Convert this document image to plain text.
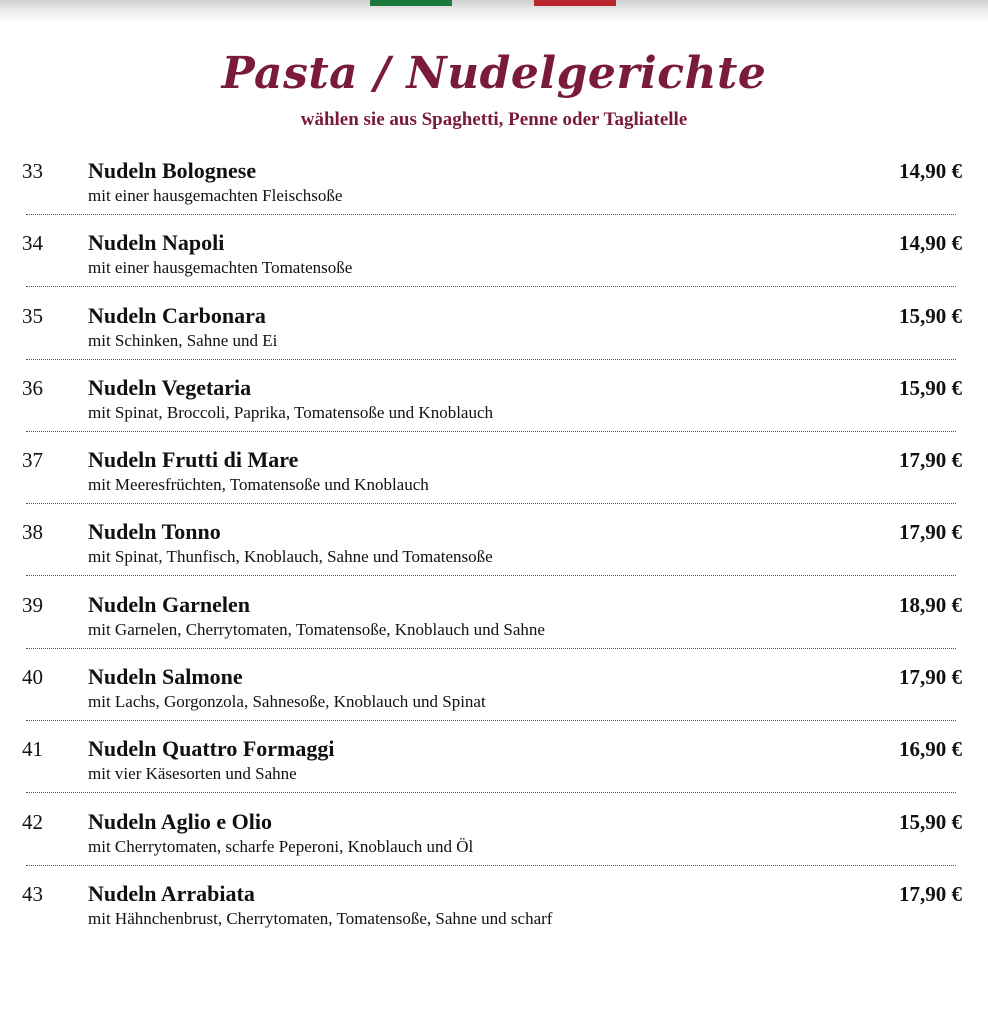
Pasta / Nudelgerichte
wählen sie aus Spaghetti, Penne oder Tagliatelle
33 Nudeln Bolognese
mit einer hausgemachten Fleischsoße
14,90 €
34 Nudeln Napoli
mit einer hausgemachten Tomatensoße
14,90 €
35 Nudeln Carbonara
mit Schinken, Sahne und Ei
15,90 €
36 Nudeln Vegetaria
mit Spinat, Broccoli, Paprika, Tomatensoße und Knoblauch
15,90 €
37 Nudeln Frutti di Mare
mit Meeresfrüchten, Tomatensoße und Knoblauch
17,90 €
38 Nudeln Tonno
mit Spinat, Thunfisch, Knoblauch, Sahne und Tomatensoße
17,90 €
39 Nudeln Garnelen
mit Garnelen, Cherrytomaten, Tomatensoße, Knoblauch und Sahne
18,90 €
40 Nudeln Salmone
mit Lachs, Gorgonzola, Sahnesoße, Knoblauch und Spinat
17,90 €
41 Nudeln Quattro Formaggi
mit vier Käsesorten und Sahne
16,90 €
42 Nudeln Aglio e Olio
mit Cherrytomaten, scharfe Peperoni, Knoblauch und Öl
15,90 €
43 Nudeln Arrabiata
mit Hähnchenbrust, Cherrytomaten, Tomatensoße, Sahne und scharf
17,90 €
